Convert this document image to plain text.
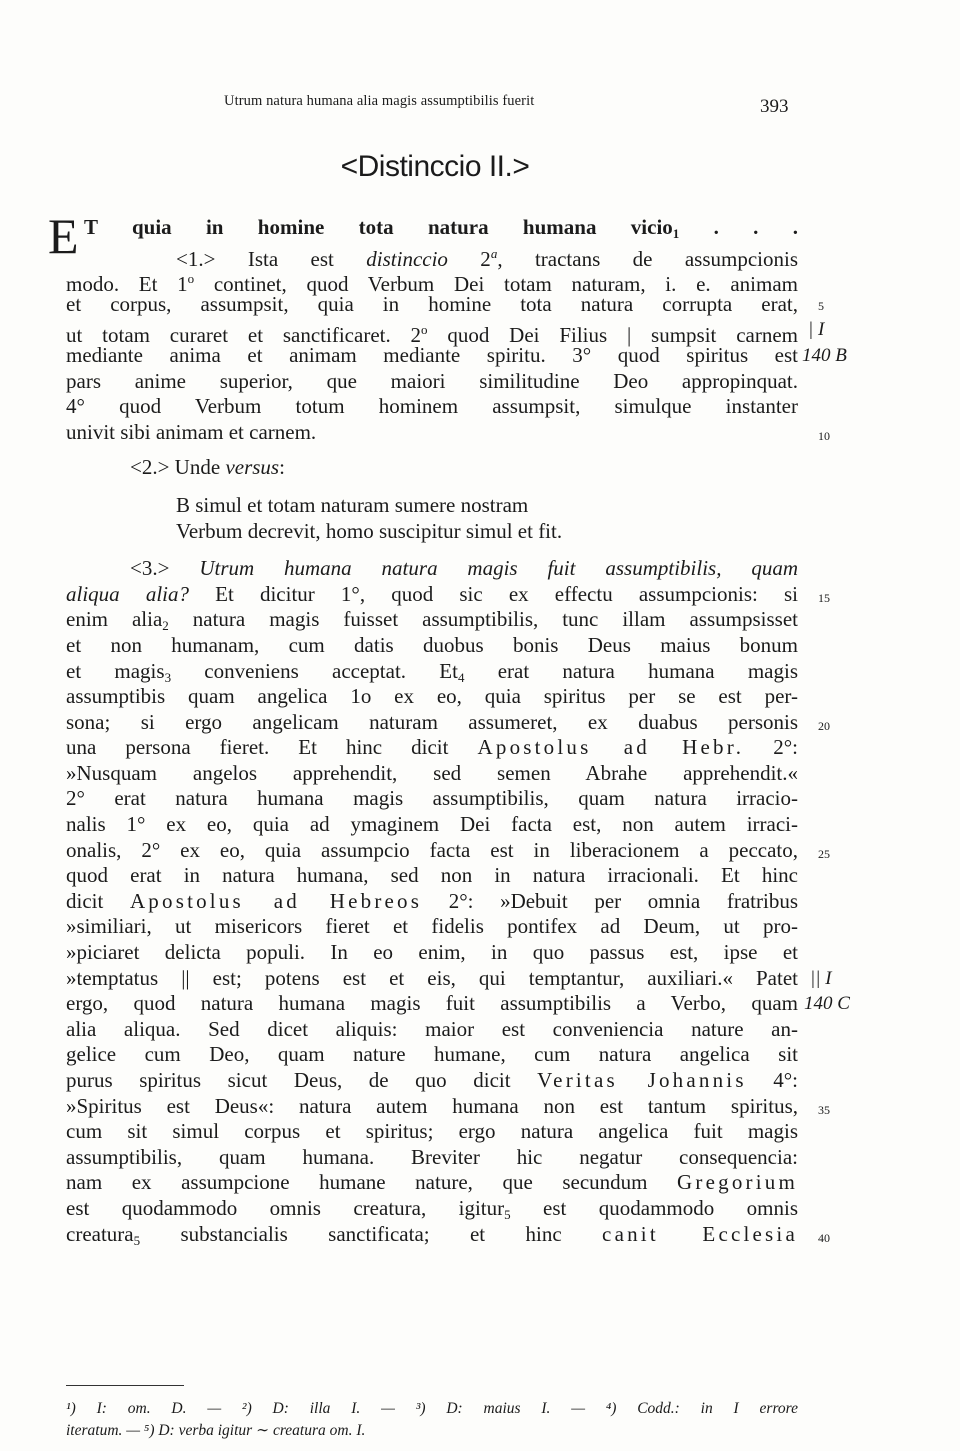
Utrum natura humana alia magis assumptibilis fuerit	393
<Distinccio II.>
E T quia in homine tota natura humana vicio$_1$ . . .
<1.> Ista est distinccio 2$^a$, tractans de assumpcionis
modo. Et 1$^o$ continet, quod Verbum Dei totam naturam, i. e. animam
et corpus, assumpsit, quia in homine tota natura corrupta erat, 5
ut totam curaret et sanctificaret. 2$^o$ quod Dei Filius | sumpsit carnem | I
mediante anima et animam mediante spiritu. 3° quod spiritus est 140 B
pars anime superior, que maiori similitudine Deo appropinquat.
4° quod Verbum totum hominem assumpsit, simulque instanter
univit sibi animam et carnem.	10
<2.> Unde versus:
B simul et totam naturam sumere nostram
Verbum decrevit, homo suscipitur simul et fit.
<3.> Utrum humana natura magis fuit assumptibilis, quam
aliqua alia? Et dicitur 1°, quod sic ex effectu assumpcionis: si 15
enim alia$_2$ natura magis fuisset assumptibilis, tunc illam assumpsisset
et non humanam, cum datis duobus bonis Deus maius bonum
et magis$_3$ conveniens acceptat. $Et_4$ erat natura humana magis
assumptibis quam angelica 1o ex eo, quia spiritus per se est per-
sona; si ergo angelicam naturam assumeret, ex duabus personis 20
una persona fieret. Et hinc dicit Apostolus ad Hebr. 2°:
»Nusquam angelos apprehendit, sed semen Abrahe apprehendit.«
2° erat natura humana magis assumptibilis, quam natura irracio-
nalis 1° ex eo, quia ad ymaginem Dei facta est, non autem irraci-
onalis, 2° ex eo, quia assumpcio facta est in liberacionem a peccato, 25
quod erat in natura humana, sed non in natura irracionali. Et hinc
dicit Apostolus ad Hebreos 2°: »Debuit per omnia fratribus
»similiari, ut misericors fieret et fidelis pontifex ad Deum, ut pro-
»piciaret delicta populi. In eo enim, in quo passus est, ipse et
»temptatus || est; potens est et eis, qui temptantur, auxiliari.« Patet || I
ergo, quod natura humana magis fuit assumptibilis a Verbo, quam 140 C
alia aliqua. Sed dicet aliquis: maior est conveniencia nature an-
gelice cum Deo, quam nature humane, cum natura angelica sit
purus spiritus sicut Deus, de quo dicit Veritas Johannis 4°:
»Spiritus est Deus«: natura autem humana non est tantum spiritus, 35
cum sit simul corpus et spiritus; ergo natura angelica fuit magis
assumptibilis, quam humana. Breviter hic negatur consequencia:
nam ex assumpcione humane nature, que secundum Gregorium
est quodammodo omnis creatura, igitur$_5$ est quodammodo omnis
creatura$_5$ substancialis sanctificata; et hinc canit Ecclesia 40
¹) I: om. D. — ²) D: illa I. — ³) D: maius I. — ⁴) Codd.: in I errore
iteratum. — ⁵) D: verba igitur ∼ creatura om. I.
